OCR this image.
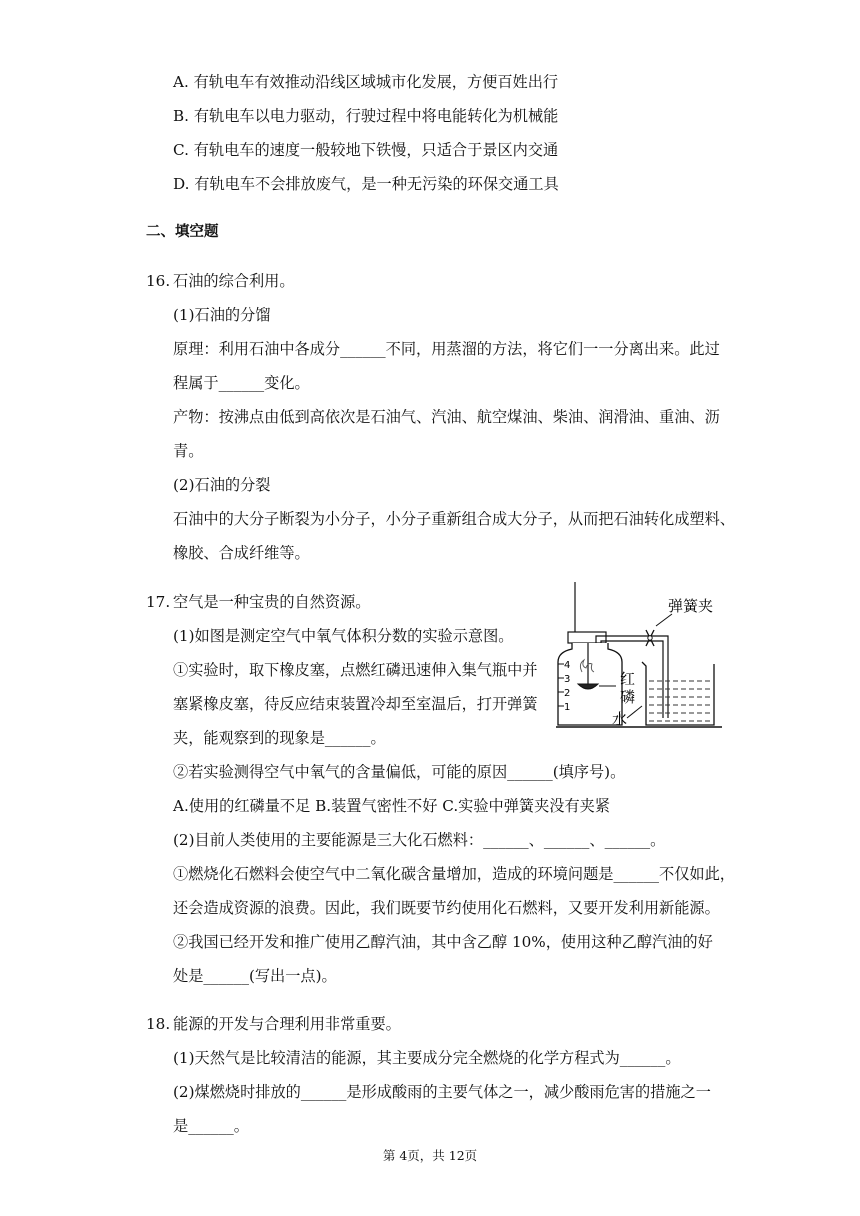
A. 有轨电车有效推动沿线区域城市化发展，方便百姓出行
B. 有轨电车以电力驱动，行驶过程中将电能转化为机械能
C. 有轨电车的速度一般较地下铁慢，只适合于景区内交通
D. 有轨电车不会排放废气，是一种无污染的环保交通工具
二、填空题
16. 石油的综合利用。
(1)石油的分馏
原理：利用石油中各成分______不同，用蒸溜的方法，将它们一一分离出来。此过
程属于______变化。
产物：按沸点由低到高依次是石油气、汽油、航空煤油、柴油、润滑油、重油、沥
青。
(2)石油的分裂
石油中的大分子断裂为小分子，小分子重新组合成大分子，从而把石油转化成塑料、
橡胶、合成纤维等。
17. 空气是一种宝贵的自然资源。
(1)如图是测定空气中氧气体积分数的实验示意图。
①实验时，取下橡皮塞，点燃红磷迅速伸入集气瓶中并
塞紧橡皮塞，待反应结束装置冷却至室温后，打开弹簧
夹，能观察到的现象是______。
②若实验测得空气中氧气的含量偏低，可能的原因______(填序号)。
A.使用的红磷量不足 B.装置气密性不好 C.实验中弹簧夹没有夹紧
(2)目前人类使用的主要能源是三大化石燃料：______、______、______。
①燃烧化石燃料会使空气中二氧化碳含量增加，造成的环境问题是______不仅如此，
还会造成资源的浪费。因此，我们既要节约使用化石燃料，又要开发利用新能源。
②我国已经开发和推广使用乙醇汽油，其中含乙醇 10%，使用这种乙醇汽油的好
处是______(写出一点)。
4
3
2
1
弹簧夹
红
磷
水
18. 能源的开发与合理利用非常重要。
(1)天然气是比较清洁的能源，其主要成分完全燃烧的化学方程式为______。
(2)煤燃烧时排放的______是形成酸雨的主要气体之一，减少酸雨危害的措施之一
是______。
第 4页，共 12页
